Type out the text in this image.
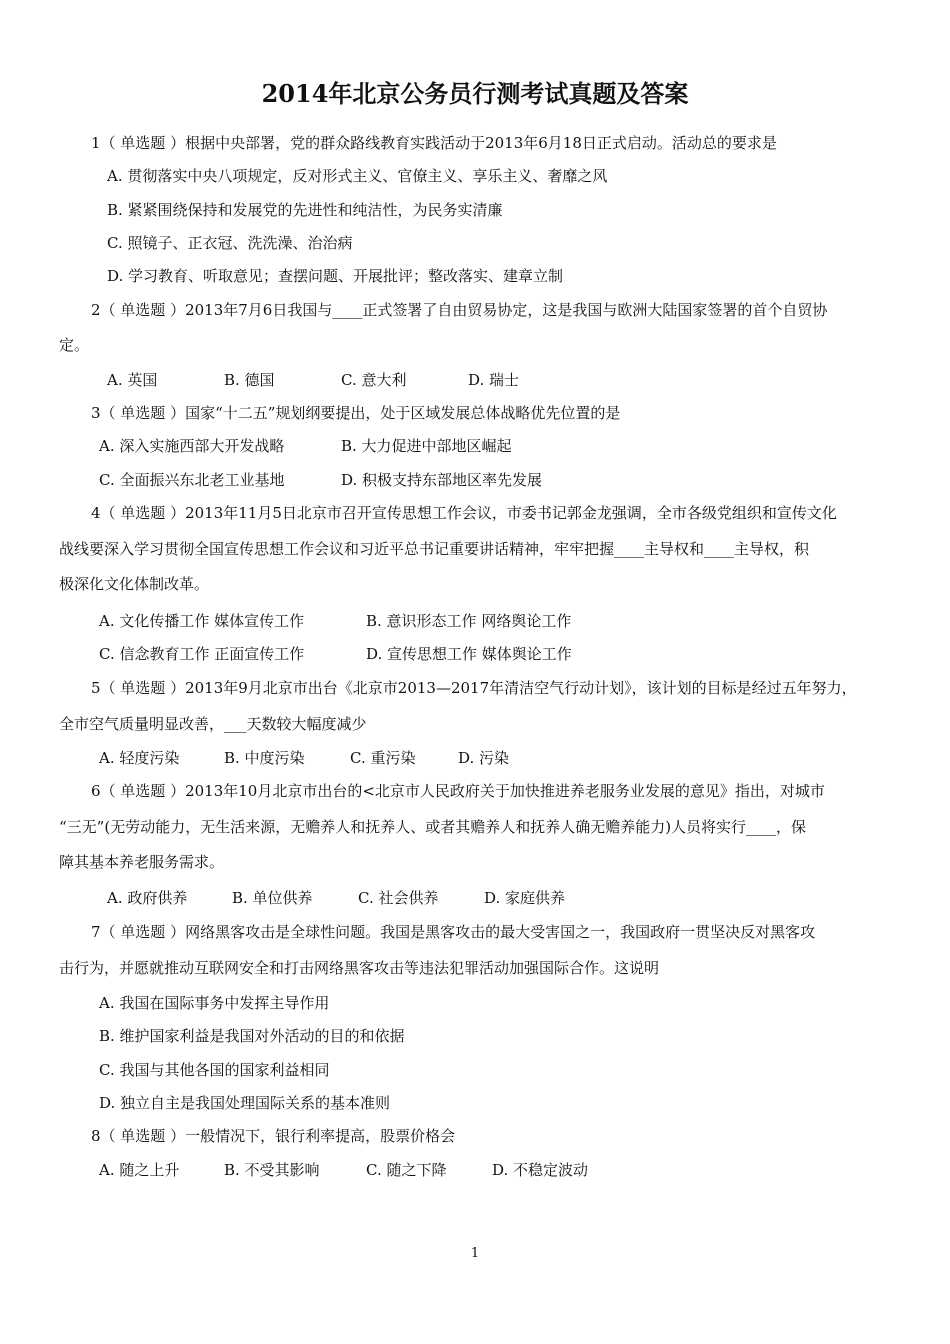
2014年北京公务员行测考试真题及答案
1（ 单选题 ）根据中央部署，党的群众路线教育实践活动于2013年6月18日正式启动。活动总的要求是
A. 贯彻落实中央八项规定，反对形式主义、官僚主义、享乐主义、奢靡之风
B. 紧紧围绕保持和发展党的先进性和纯洁性，为民务实清廉
C. 照镜子、正衣冠、洗洗澡、治治病
D. 学习教育、听取意见；查摆问题、开展批评；整改落实、建章立制
2（ 单选题 ）2013年7月6日我国与____正式签署了自由贸易协定，这是我国与欧洲大陆国家签署的首个自贸协
定。
A. 英国	B. 德国	C. 意大利	D. 瑞士
3（ 单选题 ）国家“十二五”规划纲要提出，处于区域发展总体战略优先位置的是
A. 深入实施西部大开发战略	B. 大力促进中部地区崛起
C. 全面振兴东北老工业基地	D. 积极支持东部地区率先发展
4（ 单选题 ）2013年11月5日北京市召开宣传思想工作会议，市委书记郭金龙强调，全市各级党组织和宣传文化
战线要深入学习贯彻全国宣传思想工作会议和习近平总书记重要讲话精神，牢牢把握____主导权和____主导权，积
极深化文化体制改革。
A. 文化传播工作 媒体宣传工作	B. 意识形态工作 网络舆论工作
C. 信念教育工作 正面宣传工作	D. 宣传思想工作 媒体舆论工作
5（ 单选题 ）2013年9月北京市出台《北京市2013—2017年清洁空气行动计划》，该计划的目标是经过五年努力，
全市空气质量明显改善，___天数较大幅度减少
A. 轻度污染	B. 中度污染	C. 重污染	D. 污染
6（ 单选题 ）2013年10月北京市出台的<北京市人民政府关于加快推进养老服务业发展的意见》指出，对城市
“三无”(无劳动能力，无生活来源，无赡养人和抚养人、或者其赡养人和抚养人确无赡养能力)人员将实行____，保
障其基本养老服务需求。
A. 政府供养	B. 单位供养	C. 社会供养	D. 家庭供养
7（ 单选题 ）网络黑客攻击是全球性问题。我国是黑客攻击的最大受害国之一，我国政府一贯坚决反对黑客攻
击行为，并愿就推动互联网安全和打击网络黑客攻击等违法犯罪活动加强国际合作。这说明
A. 我国在国际事务中发挥主导作用
B. 维护国家利益是我国对外活动的目的和依据
C. 我国与其他各国的国家利益相同
D. 独立自主是我国处理国际关系的基本准则
8（ 单选题 ）一般情况下，银行利率提高，股票价格会
A. 随之上升	B. 不受其影响	C. 随之下降	D. 不稳定波动
1
